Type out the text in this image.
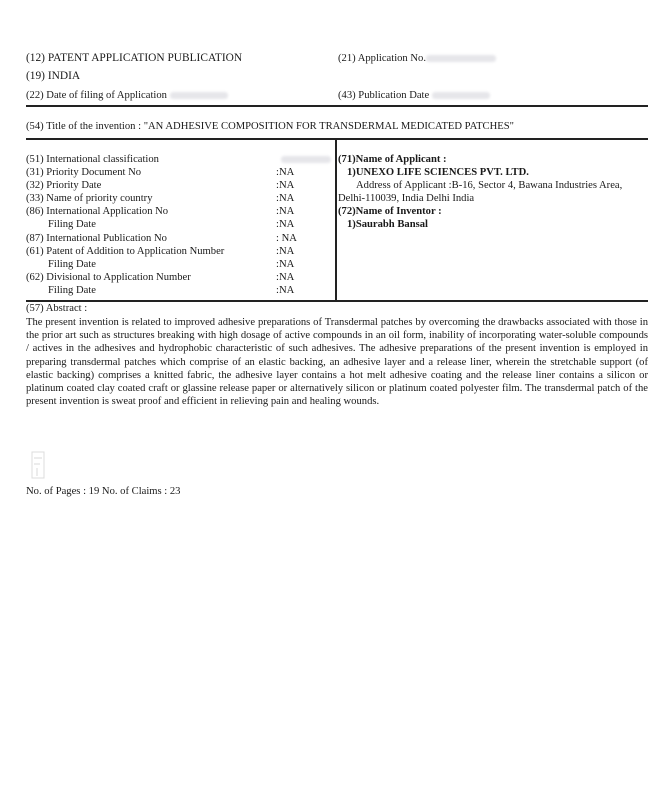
(12) PATENT APPLICATION PUBLICATION	(21) Application No.
(19) INDIA
(22) Date of filing of Application	(43) Publication Date
(54) Title of the invention : "AN ADHESIVE COMPOSITION FOR TRANSDERMAL MEDICATED PATCHES"
(51) International classification
(31) Priority Document No	:NA
(32) Priority Date	:NA
(33) Name of priority country	:NA
(86) International Application No	:NA
Filing Date	:NA
(87) International Publication No	: NA
(61) Patent of Addition to Application Number	:NA
Filing Date	:NA
(62) Divisional to Application Number	:NA
Filing Date	:NA
(71)Name of Applicant :
1)UNEXO LIFE SCIENCES PVT. LTD.
Address of Applicant :B-16, Sector 4, Bawana Industries Area,
Delhi-110039, India Delhi India
(72)Name of Inventor :
1)Saurabh Bansal
(57) Abstract :
The present invention is related to improved adhesive preparations of Transdermal patches by overcoming the drawbacks associated with those in the prior art such as structures breaking with high dosage of active compounds in an oil form, inability of incorporating water-soluble compounds / actives in the adhesives and hydrophobic characteristic of such adhesives. The adhesive preparations of the present invention is employed in preparing transdermal patches which comprise of an elastic backing, an adhesive layer and a release liner, wherein the stretchable support (of elastic backing) comprises a knitted fabric, the adhesive layer contains a hot melt adhesive coating and the release liner contains a silicon or platinum coated clay coated craft or glassine release paper or alternatively silicon or platinum coated polyester film. The transdermal patch of the present invention is sweat proof and efficient in relieving pain and healing wounds.
No. of Pages : 19 No. of Claims : 23
